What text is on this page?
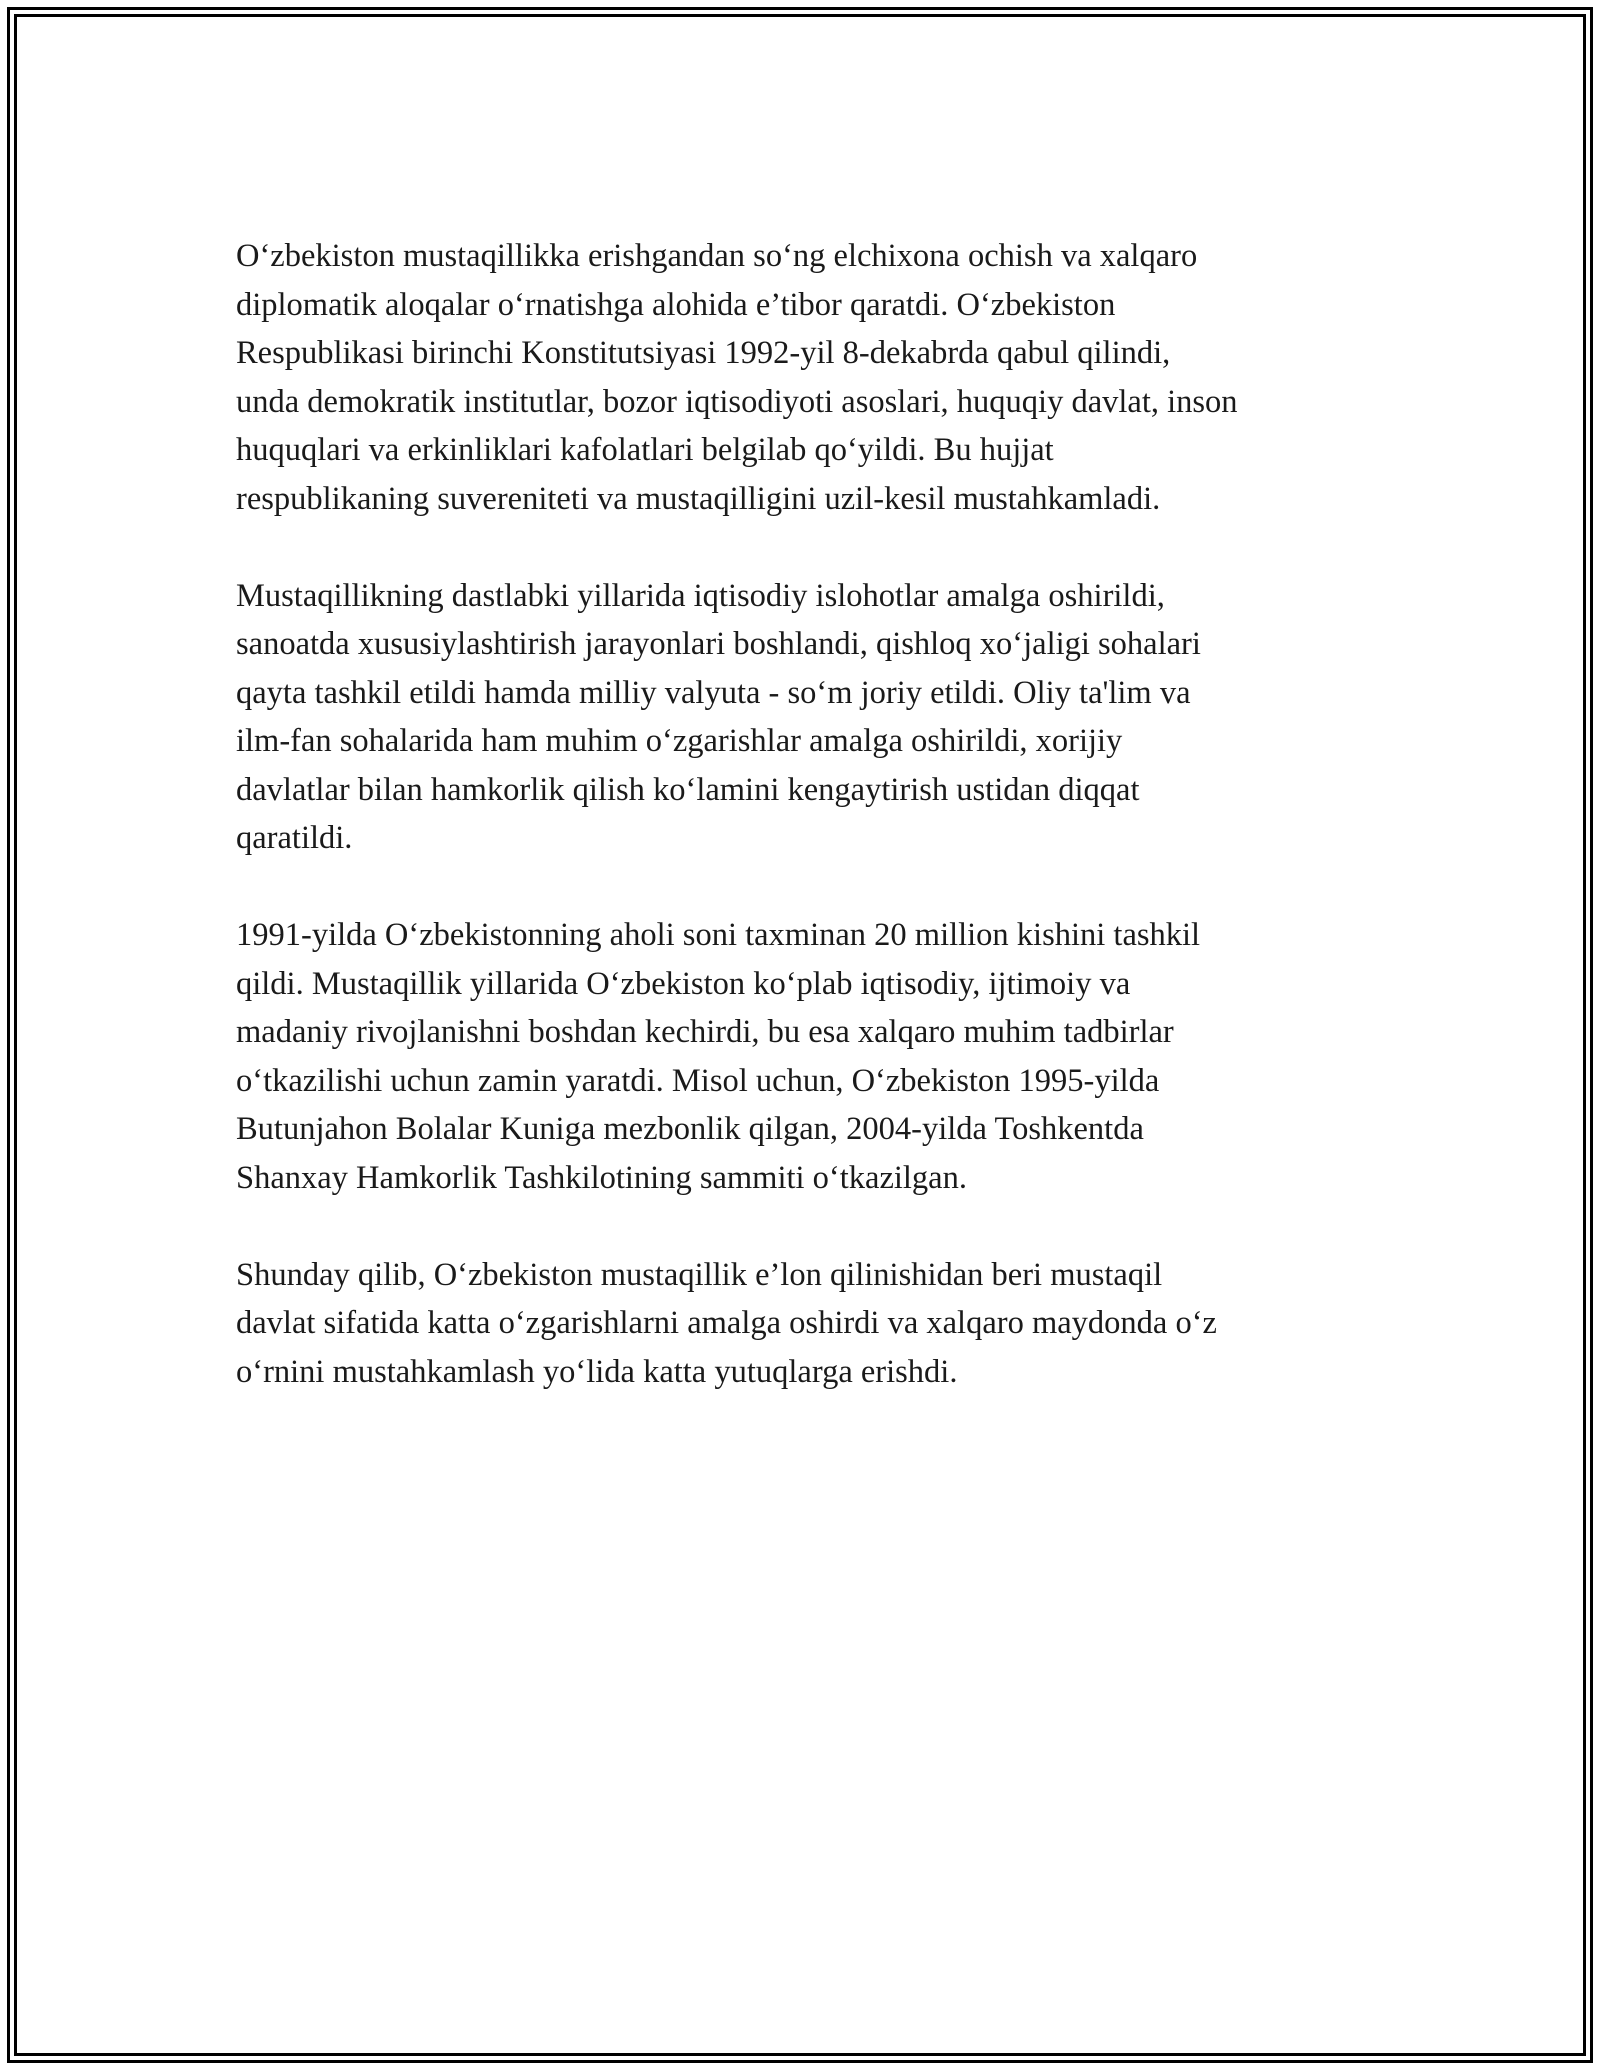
O‘zbekiston mustaqillikka erishgandan so‘ng elchixona ochish va xalqaro
diplomatik aloqalar o‘rnatishga alohida e’tibor qaratdi. O‘zbekiston
Respublikasi birinchi Konstitutsiyasi 1992-yil 8-dekabrda qabul qilindi,
unda demokratik institutlar, bozor iqtisodiyoti asoslari, huquqiy davlat, inson
huquqlari va erkinliklari kafolatlari belgilab qo‘yildi. Bu hujjat
respublikaning suvereniteti va mustaqilligini uzil-kesil mustahkamladi.

Mustaqillikning dastlabki yillarida iqtisodiy islohotlar amalga oshirildi,
sanoatda xususiylashtirish jarayonlari boshlandi, qishloq xo‘jaligi sohalari
qayta tashkil etildi hamda milliy valyuta - so‘m joriy etildi. Oliy ta'lim va
ilm-fan sohalarida ham muhim o‘zgarishlar amalga oshirildi, xorijiy
davlatlar bilan hamkorlik qilish ko‘lamini kengaytirish ustidan diqqat
qaratildi.

1991-yilda O‘zbekistonning aholi soni taxminan 20 million kishini tashkil
qildi. Mustaqillik yillarida O‘zbekiston ko‘plab iqtisodiy, ijtimoiy va
madaniy rivojlanishni boshdan kechirdi, bu esa xalqaro muhim tadbirlar
o‘tkazilishi uchun zamin yaratdi. Misol uchun, O‘zbekiston 1995-yilda
Butunjahon Bolalar Kuniga mezbonlik qilgan, 2004-yilda Toshkentda
Shanxay Hamkorlik Tashkilotining sammiti o‘tkazilgan.

Shunday qilib, O‘zbekiston mustaqillik e’lon qilinishidan beri mustaqil
davlat sifatida katta o‘zgarishlarni amalga oshirdi va xalqaro maydonda o‘z
o‘rnini mustahkamlash yo‘lida katta yutuqlarga erishdi.
